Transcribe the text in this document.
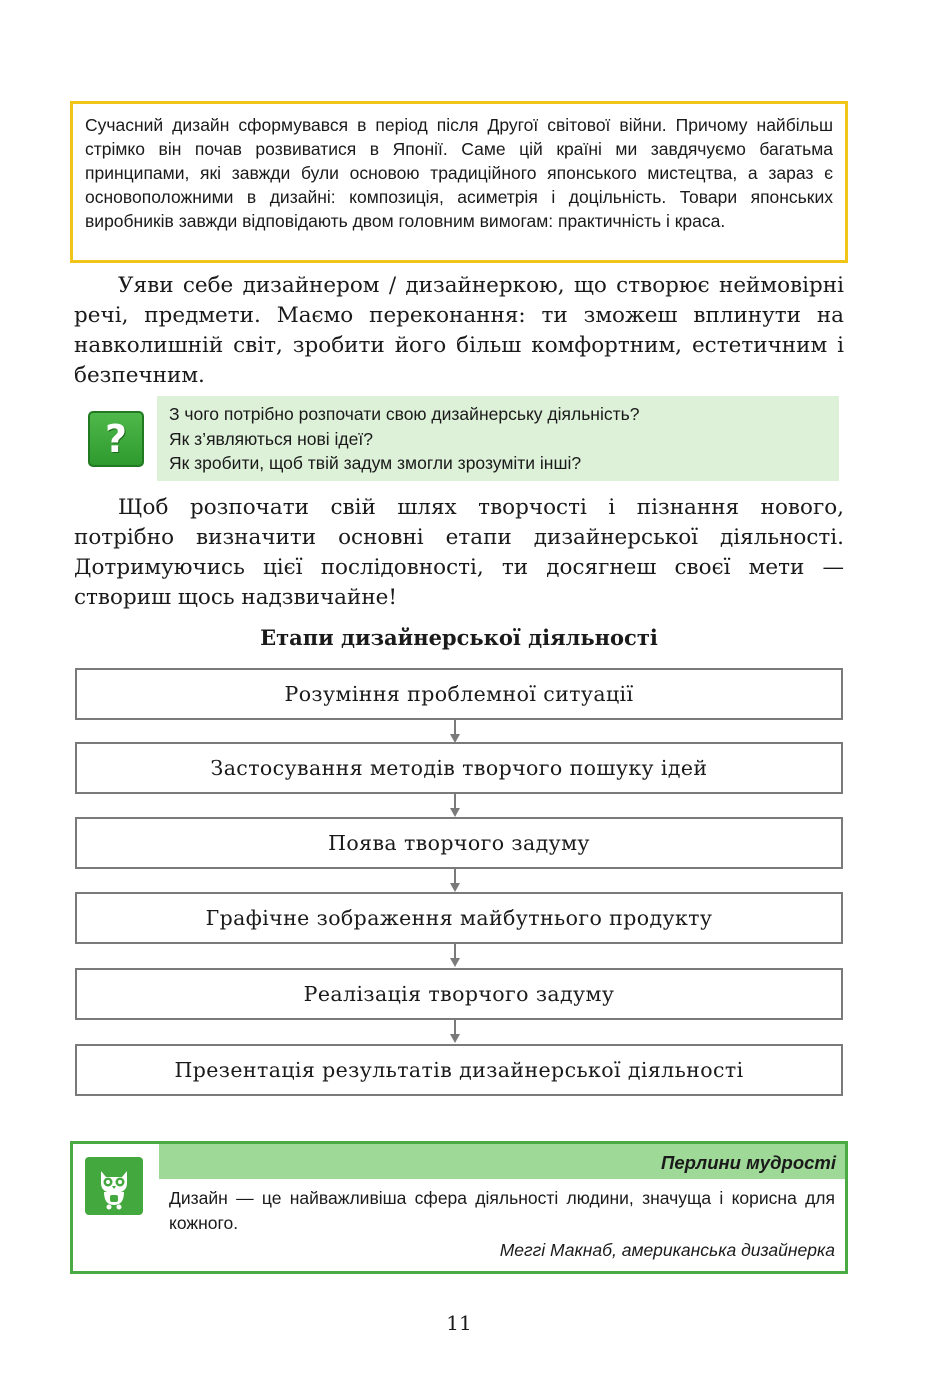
Сучасний дизайн сформувався в період після Другої світової війни. Причому найбільш стрімко він почав розвиватися в Японії. Саме цій країні ми завдячуємо багатьма принципами, які завжди були основою традиційного японського мистецтва, а зараз є основоположними в дизайні: композиція, асиметрія і доцільність. Товари японських виробників завжди відповідають двом головним вимогам: практичність і краса.

Уяви себе дизайнером / дизайнеркою, що створює неймовірні речі, предмети. Маємо переконання: ти зможеш вплинути на навколишній світ, зробити його більш комфортним, естетичним і безпечним.

?
З чого потрібно розпочати свою дизайнерську діяльність?
Як з’являються нові ідеї?
Як зробити, щоб твій задум змогли зрозуміти інші?

Щоб розпочати свій шлях творчості і пізнання нового, потрібно визначити основні етапи дизайнерської діяльності. Дотримуючись цієї послідовності, ти досягнеш своєї мети — створиш щось надзвичайне!

Етапи дизайнерської діяльності
Розуміння проблемної ситуації
Застосування методів творчого пошуку ідей
Поява творчого задуму
Графічне зображення майбутнього продукту
Реалізація творчого задуму
Презентація результатів дизайнерської діяльності
Перлини мудрості
Дизайн — це найважливіша сфера діяльності людини, значуща і корисна для кожного.
Меггі Макнаб, американська дизайнерка
11
